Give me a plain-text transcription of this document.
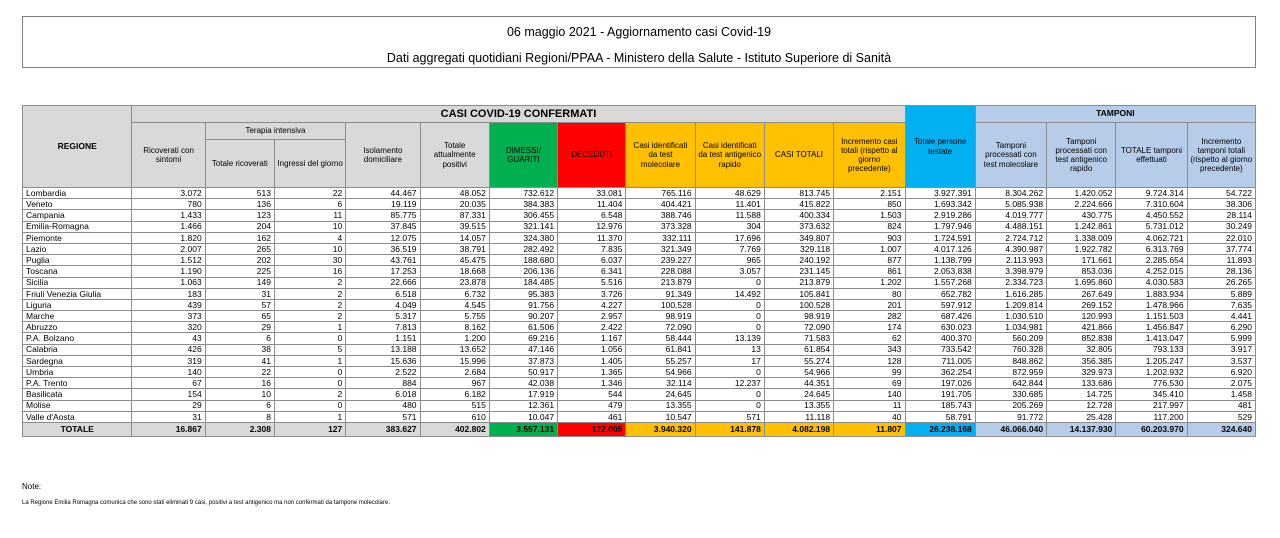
06 maggio 2021 - Aggiornamento casi Covid-19
Dati aggregati quotidiani Regioni/PPAA - Ministero della Salute - Istituto Superiore di Sanità
REGIONE	CASI COVID-19 CONFERMATI											Totale persone testate	TAMPONI			
	Ricoverati con sintomi	Terapia intensiva		Isolamento domiciliare	Totale attualmente positivi	DIMESSI/ GUARITI	DECEDUTI	Casi identificati da test molecolare	Casi identificati da test antigenico rapido	CASI TOTALI	Incremento casi totali (rispetto al giorno precedente)		Tamponi processati con test molecolare	Tamponi processati con test antigenico rapido	TOTALE tamponi effettuati	Incremento tamponi totali (rispetto al giorno precedente)
		Totale ricoverati	Ingressi del giorno													
Lombardia	3.072	513	22	44.467	48.052	732.612	33.081	765.116	48.629	813.745	2.151	3.927.391	8.304.262	1.420.052	9.724.314	54.722
Veneto	780	136	6	19.119	20.035	384.383	11.404	404.421	11.401	415.822	850	1.693.342	5.085.938	2.224.666	7.310.604	38.306
Campania	1.433	123	11	85.775	87.331	306.455	6.548	388.746	11.588	400.334	1.503	2.919.286	4.019.777	430.775	4.450.552	28.114
Emilia-Romagna	1.466	204	10	37.845	39.515	321.141	12.976	373.328	304	373.632	824	1.797.946	4.488.151	1.242.861	5.731.012	30.249
Piemonte	1.820	162	4	12.075	14.057	324.380	11.370	332.111	17.696	349.807	903	1.724.591	2.724.712	1.338.009	4.062.721	22.010
Lazio	2.007	265	10	36.519	38.791	282.492	7.835	321.349	7.769	329.118	1.007	4.017.126	4.390.987	1.922.782	6.313.769	37.774
Puglia	1.512	202	30	43.761	45.475	188.680	6.037	239.227	965	240.192	877	1.138.799	2.113.993	171.661	2.285.654	11.893
Toscana	1.190	225	16	17.253	18.668	206.136	6.341	228.088	3.057	231.145	861	2.053.838	3.398.979	853.036	4.252.015	28.136
Sicilia	1.063	149	2	22.666	23.878	184.485	5.516	213.879	0	213.879	1.202	1.557.268	2.334.723	1.695.860	4.030.583	26.265
Friuli Venezia Giulia	183	31	2	6.518	6.732	95.383	3.726	91.349	14.492	105.841	80	652.782	1.616.285	267.649	1.883.934	5.889
Liguria	439	57	2	4.049	4.545	91.756	4.227	100.528	0	100.528	201	597.912	1.209.814	269.152	1.478.966	7.635
Marche	373	65	2	5.317	5.755	90.207	2.957	98.919	0	98.919	282	687.426	1.030.510	120.993	1.151.503	4.441
Abruzzo	320	29	1	7.813	8.162	61.506	2.422	72.090	0	72.090	174	630.023	1.034.981	421.866	1.456.847	6.290
P.A. Bolzano	43	6	0	1.151	1.200	69.216	1.167	58.444	13.139	71.583	62	400.370	560.209	852.838	1.413.047	5.999
Calabria	426	38	5	13.188	13.652	47.146	1.056	61.841	13	61.854	343	733.542	760.328	32.805	793.133	3.917
Sardegna	319	41	1	15.636	15.996	37.873	1.405	55.257	17	55.274	128	711.005	848.862	356.385	1.205.247	3.537
Umbria	140	22	0	2.522	2.684	50.917	1.365	54.966	0	54.966	99	362.254	872.959	329.973	1.202.932	6.920
P.A. Trento	67	16	0	884	967	42.038	1.346	32.114	12.237	44.351	69	197.026	642.844	133.686	776.530	2.075
Basilicata	154	10	2	6.018	6.182	17.919	544	24.645	0	24.645	140	191.705	330.685	14.725	345.410	1.458
Molise	29	6	0	480	515	12.361	479	13.355	0	13.355	11	185.743	205.269	12.728	217.997	481
Valle d'Aosta	31	8	1	571	610	10.047	461	10.547	571	11.118	40	58.791	91.772	25.428	117.200	529
TOTALE	16.867	2.308	127	383.627	402.802	3.557.131	122.005	3.940.320	141.878	4.082.198	11.807	26.238.168	46.066.040	14.137.930	60.203.970	324.640
Note:
La Regione Emilia Romagna comunica che sono stati eliminati 9 casi, positivi a test antigenico ma non confermati da tampone molecolare.
